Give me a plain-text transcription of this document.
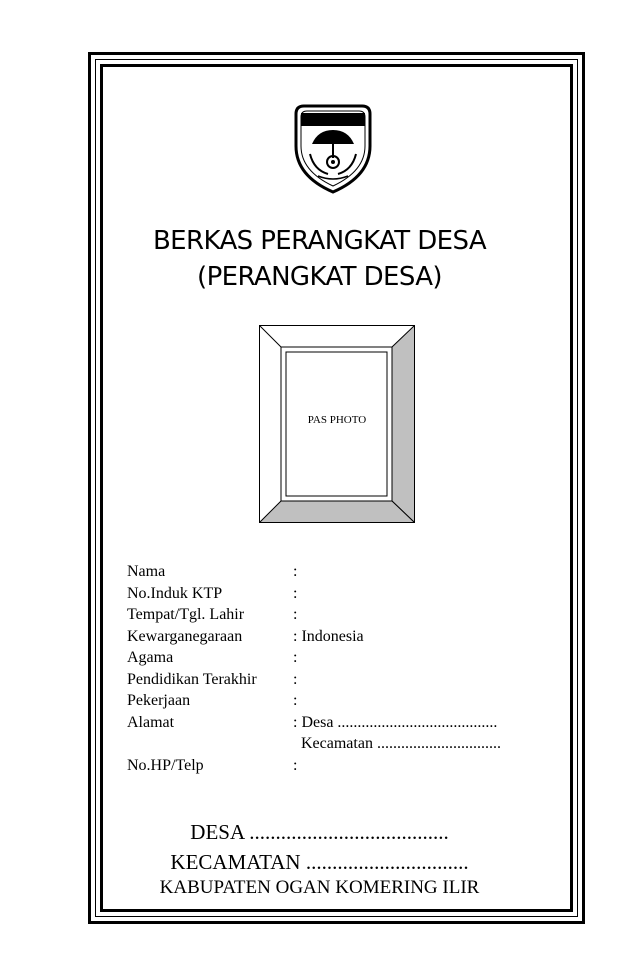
BERKAS PERANGKAT DESA
(PERANGKAT DESA)
PAS PHOTO
Nama	:
No.Induk KTP	:
Tempat/Tgl. Lahir	:
Kewarganegaraan	: Indonesia
Agama	:
Pendidikan Terakhir	:
Pekerjaan	:
Alamat	: Desa ........................................
Kecamatan ...............................
No.HP/Telp	:
DESA ......................................
KECAMATAN ...............................
KABUPATEN OGAN KOMERING ILIR
